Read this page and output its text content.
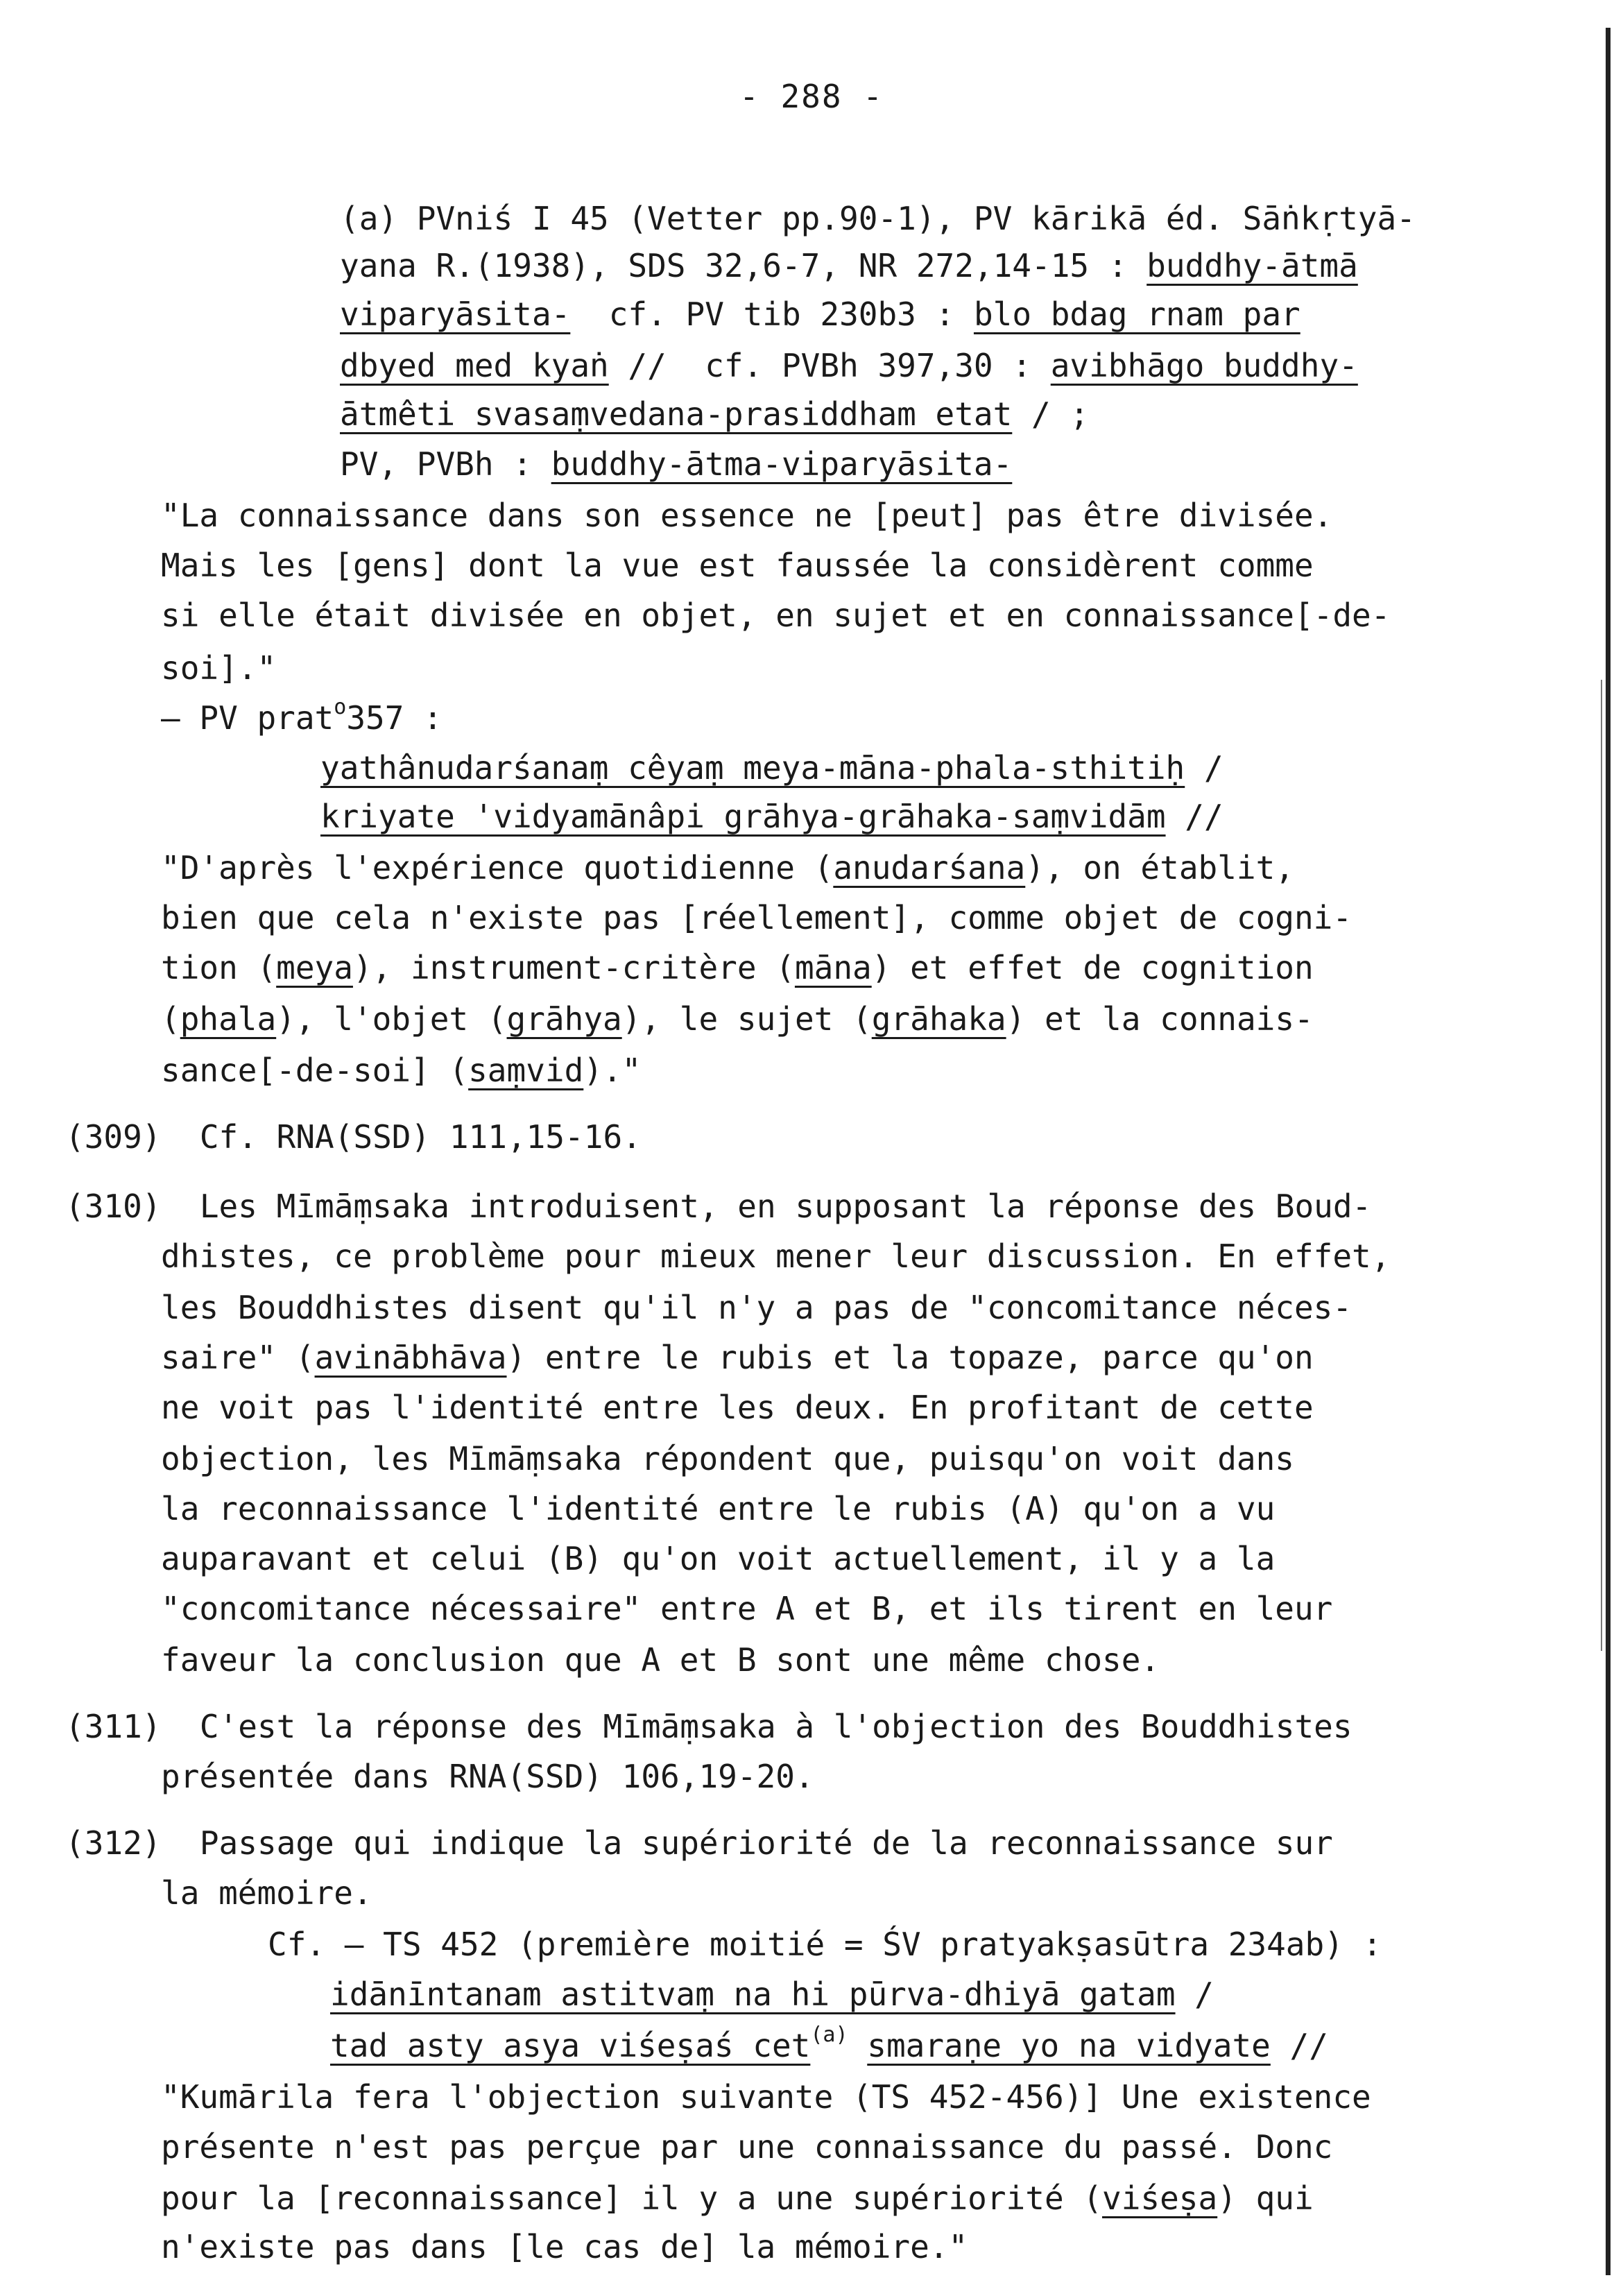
- 288 -
(a) PVniś I 45 (Vetter pp.90-1), PV kārikā éd. Sāṅkṛtyā-
yana R.(1938), SDS 32,6-7, NR 272,14-15 : buddhy-ātmā
viparyāsita-  cf. PV tib 230b3 : blo bdag rnam par
dbyed med kyaṅ //  cf. PVBh 397,30 : avibhāgo buddhy-
ātmêti svasaṃvedana-prasiddham etat / ;
PV, PVBh : buddhy-ātma-viparyāsita-
"La connaissance dans son essence ne [peut] pas être divisée.
Mais les [gens] dont la vue est faussée la considèrent comme
si elle était divisée en objet, en sujet et en connaissance[-de-
soi]."
– PV prat$^o$357 :
yathânudarśanaṃ cêyaṃ meya-māna-phala-sthitiḥ /
kriyate 'vidyamānâpi grāhya-grāhaka-saṃvidām //
"D'après l'expérience quotidienne (anudarśana), on établit,
bien que cela n'existe pas [réellement], comme objet de cogni-
tion (meya), instrument-critère (māna) et effet de cognition
(phala), l'objet (grāhya), le sujet (grāhaka) et la connais-
sance[-de-soi] (saṃvid)."
(309)  Cf. RNA(SSD) 111,15-16.
(310)  Les Mīmāṃsaka introduisent, en supposant la réponse des Boud-
dhistes, ce problème pour mieux mener leur discussion. En effet,
les Bouddhistes disent qu'il n'y a pas de "concomitance néces-
saire" (avinābhāva) entre le rubis et la topaze, parce qu'on
ne voit pas l'identité entre les deux. En profitant de cette
objection, les Mīmāṃsaka répondent que, puisqu'on voit dans
la reconnaissance l'identité entre le rubis (A) qu'on a vu
auparavant et celui (B) qu'on voit actuellement, il y a la
"concomitance nécessaire" entre A et B, et ils tirent en leur
faveur la conclusion que A et B sont une même chose.
(311)  C'est la réponse des Mīmāṃsaka à l'objection des Bouddhistes
présentée dans RNA(SSD) 106,19-20.
(312)  Passage qui indique la supériorité de la reconnaissance sur
la mémoire.
Cf. – TS 452 (première moitié = ŚV pratyakṣasūtra 234ab) :
idānīntanam astitvaṃ na hi pūrva-dhiyā gatam /
tad asty asya viśeṣaś cet$^{(a)}$ smaraṇe yo na vidyate //
"Kumārila fera l'objection suivante (TS 452-456)] Une existence
présente n'est pas perçue par une connaissance du passé. Donc
pour la [reconnaissance] il y a une supériorité (viśeṣa) qui
n'existe pas dans [le cas de] la mémoire."
